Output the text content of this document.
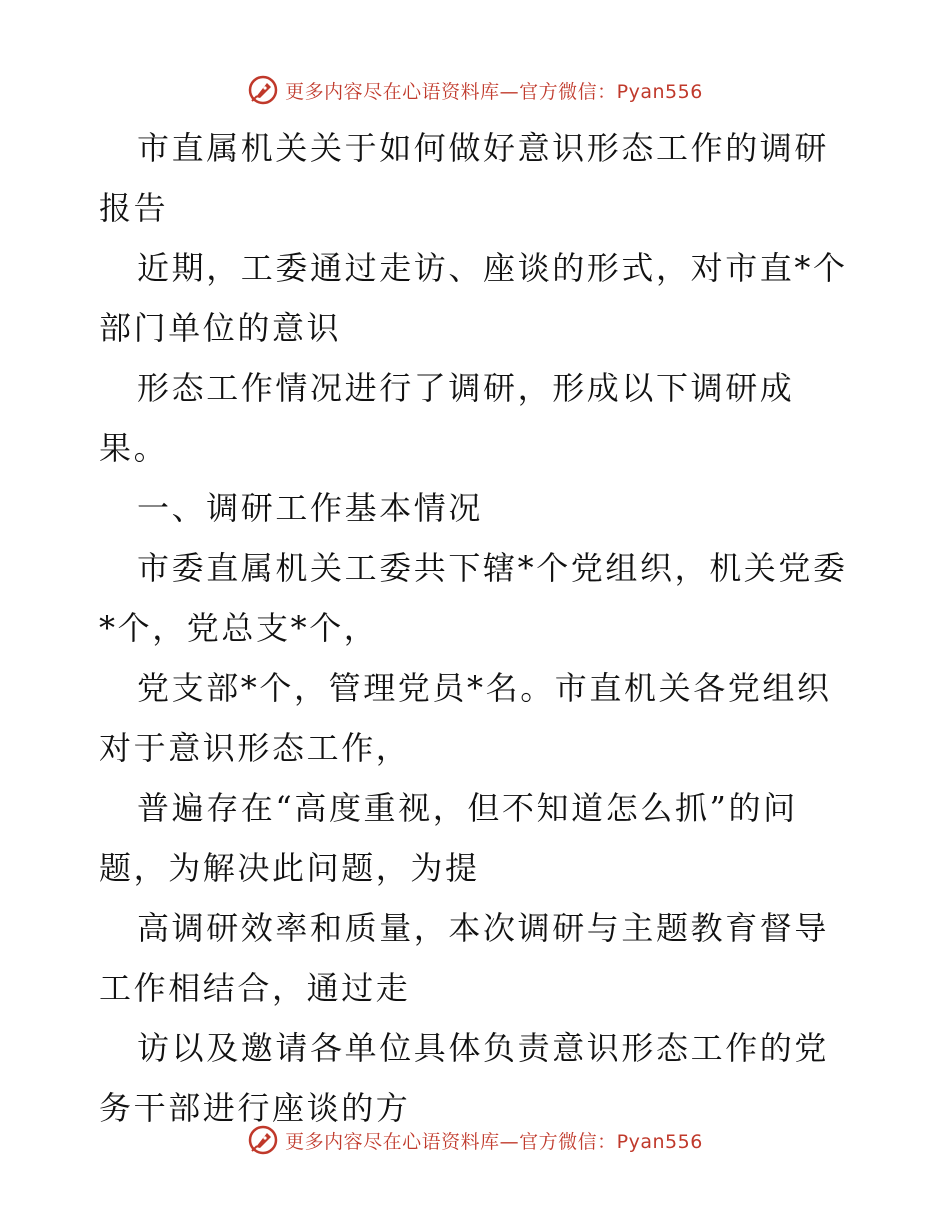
更多内容尽在心语资料库—官方微信：Pyan556

市直属机关关于如何做好意识形态工作的调研报告

近期，工委通过走访、座谈的形式，对市直*个部门单位的意识

形态工作情况进行了调研，形成以下调研成果。

一、调研工作基本情况

市委直属机关工委共下辖*个党组织，机关党委*个，党总支*个，

党支部*个，管理党员*名。市直机关各党组织对于意识形态工作，

普遍存在“高度重视，但不知道怎么抓”的问题，为解决此问题，为提

高调研效率和质量，本次调研与主题教育督导工作相结合，通过走

访以及邀请各单位具体负责意识形态工作的党务干部进行座谈的方

更多内容尽在心语资料库—官方微信：Pyan556
